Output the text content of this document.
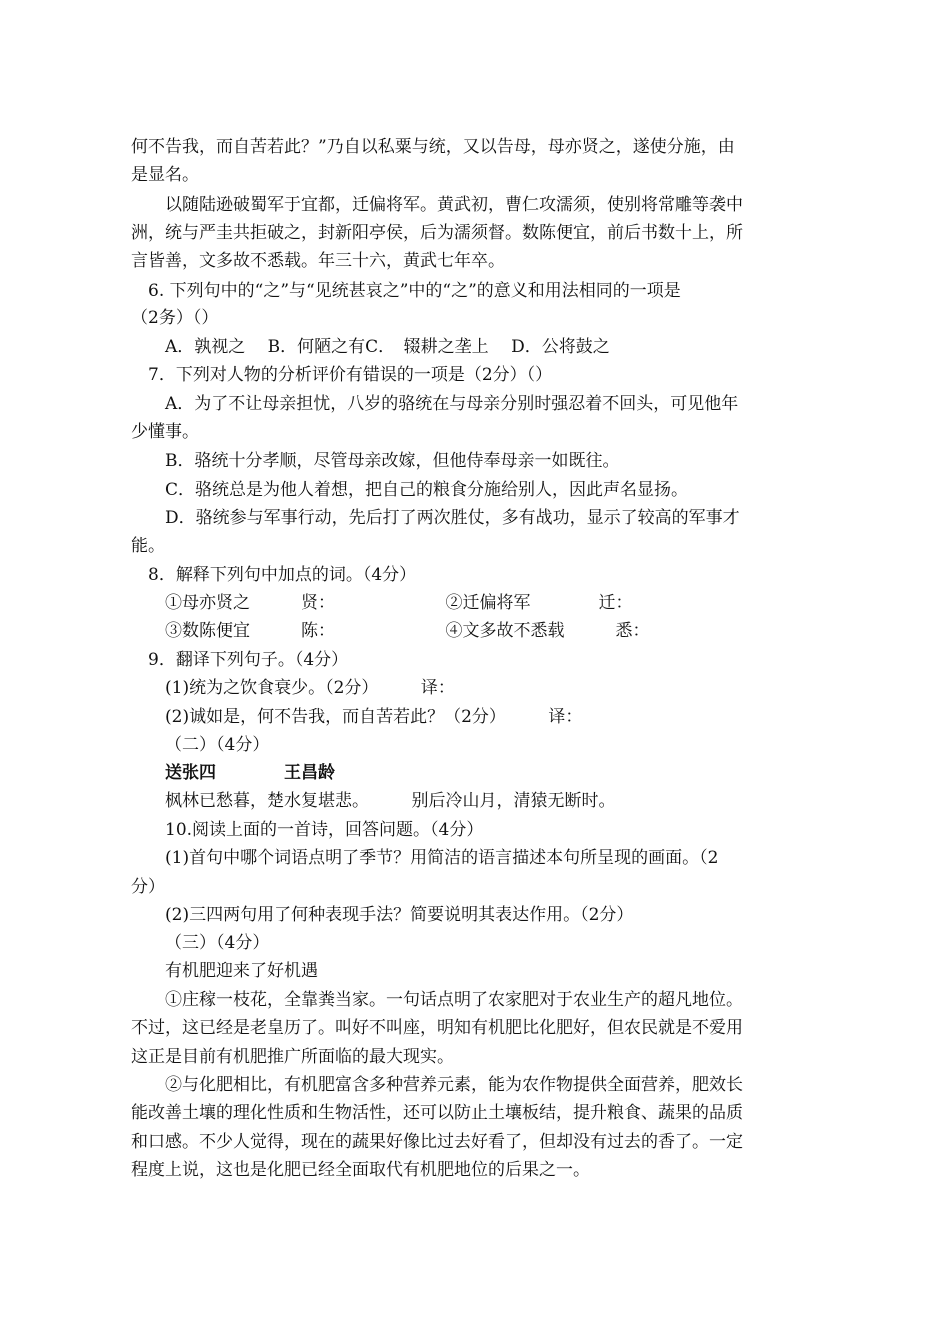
何不告我，而自苦若此？”乃自以私粟与统，又以告母，母亦贤之，遂使分施，由
是显名。
以随陆逊破蜀军于宜都，迁偏将军。黄武初，曹仁攻濡须，使别将常雕等袭中
洲，统与严圭共拒破之，封新阳亭侯，后为濡须督。数陈便宜，前后书数十上，所
言皆善，文多故不悉载。年三十六，黄武七年卒。
6. 下列句中的“之”与“见统甚哀之”中的“之”的意义和用法相同的一项是
（2务）（）
A．孰视之　 B．何陋之有C．　辍耕之垄上　 D．公将鼓之
7．下列对人物的分析评价有错误的一项是（2分）（）
A．为了不让母亲担忧，八岁的骆统在与母亲分别时强忍着不回头，可见他年
少懂事。
B．骆统十分孝顺，尽管母亲改嫁，但他侍奉母亲一如既往。
C．骆统总是为他人着想，把自己的粮食分施给别人，因此声名显扬。
D．骆统参与军事行动，先后打了两次胜仗，多有战功，显示了较高的军事才
能。
8．解释下列句中加点的词。（4分）
①母亦贤之　　　贤：　　　　　　　②迁偏将军　　　　迁：
③数陈便宜　　　陈：　　　　　　　④文多故不悉载　　　悉：
9．翻译下列句子。（4分）
(1)统为之饮食衰少。（2分）　　　译：
(2)诚如是，何不告我，而自苦若此？（2分）　　　译：
（二）（4分）
送张四　　　　王昌龄
枫林已愁暮，楚水复堪悲。　　　别后冷山月，清猿无断时。
10.阅读上面的一首诗，回答问题。（4分）
(1)首句中哪个词语点明了季节？用简洁的语言描述本句所呈现的画面。（2
分）
(2)三四两句用了何种表现手法？简要说明其表达作用。（2分）
（三）（4分）
有机肥迎来了好机遇
①庄稼一枝花，全靠粪当家。一句话点明了农家肥对于农业生产的超凡地位。
不过，这已经是老皇历了。叫好不叫座，明知有机肥比化肥好，但农民就是不爱用
这正是目前有机肥推广所面临的最大现实。
②与化肥相比，有机肥富含多种营养元素，能为农作物提供全面营养，肥效长
能改善土壤的理化性质和生物活性，还可以防止土壤板结，提升粮食、蔬果的品质
和口感。不少人觉得，现在的蔬果好像比过去好看了，但却没有过去的香了。一定
程度上说，这也是化肥已经全面取代有机肥地位的后果之一。
